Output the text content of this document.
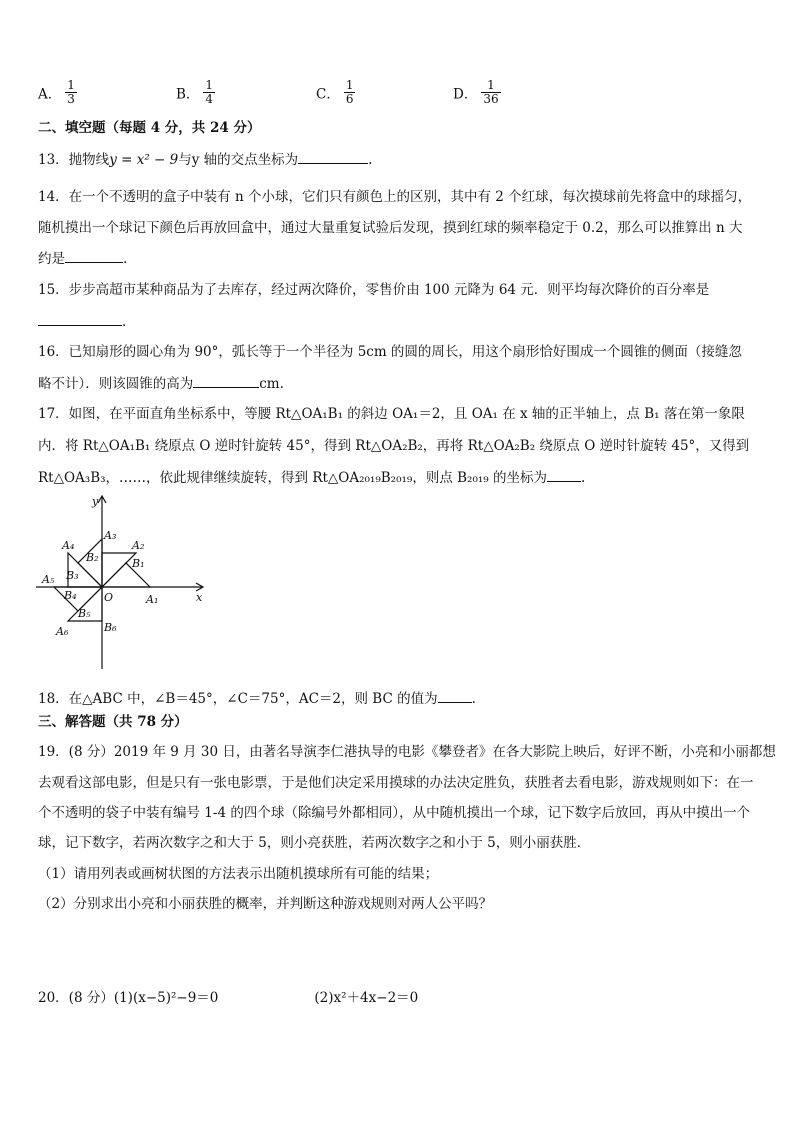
A． $\frac{1}{3}$	B． $\frac{1}{4}$	C． $\frac{1}{6}$	D． $\frac{1}{36}$
二、填空题（每题 4 分，共 24 分）
13．抛物线y = x² − 9与y 轴的交点坐标为	.
14．在一个不透明的盒子中装有 n 个小球，它们只有颜色上的区别，其中有 2 个红球，每次摸球前先将盒中的球摇匀，
随机摸出一个球记下颜色后再放回盒中，通过大量重复试验后发现，摸到红球的频率稳定于 0.2，那么可以推算出 n 大
约是	.
15．步步高超市某种商品为了去库存，经过两次降价，零售价由 100 元降为 64 元．则平均每次降价的百分率是
.
16．已知扇形的圆心角为 90°，弧长等于一个半径为 5cm 的圆的周长，用这个扇形恰好围成一个圆锥的侧面（接缝忽
略不计）．则该圆锥的高为	cm.
17．如图，在平面直角坐标系中，等腰 Rt△OA₁B₁ 的斜边 OA₁＝2，且 OA₁ 在 x 轴的正半轴上，点 B₁ 落在第一象限
内．将 Rt△OA₁B₁ 绕原点 O 逆时针旋转 45°，得到 Rt△OA₂B₂，再将 Rt△OA₂B₂ 绕原点 O 逆时针旋转 45°，又得到
Rt△OA₃B₃，……，依此规律继续旋转，得到 Rt△OA₂₀₁₉B₂₀₁₉，则点 B₂₀₁₉ 的坐标为	.
y
x
O	A₁
A₂
A₃
A₄
A₅
A₆
B₁
B₂
B₃
B₄
B₅
B₆
18．在△ABC 中，∠B＝45°，∠C＝75°，AC＝2，则 BC 的值为	.
三、解答题（共 78 分）
19．(8 分）2019 年 9 月 30 日，由著名导演李仁港执导的电影《攀登者》在各大影院上映后，好评不断，小亮和小丽都想
去观看这部电影，但是只有一张电影票，于是他们决定采用摸球的办法决定胜负，获胜者去看电影，游戏规则如下：在一
个不透明的袋子中装有编号 1-4 的四个球（除编号外都相同），从中随机摸出一个球，记下数字后放回，再从中摸出一个
球，记下数字，若两次数字之和大于 5，则小亮获胜，若两次数字之和小于 5，则小丽获胜．
（1）请用列表或画树状图的方法表示出随机摸球所有可能的结果；
（2）分别求出小亮和小丽获胜的概率，并判断这种游戏规则对两人公平吗？
20．(8 分）(1)(x−5)²−9＝0	(2)x²＋4x−2＝0
